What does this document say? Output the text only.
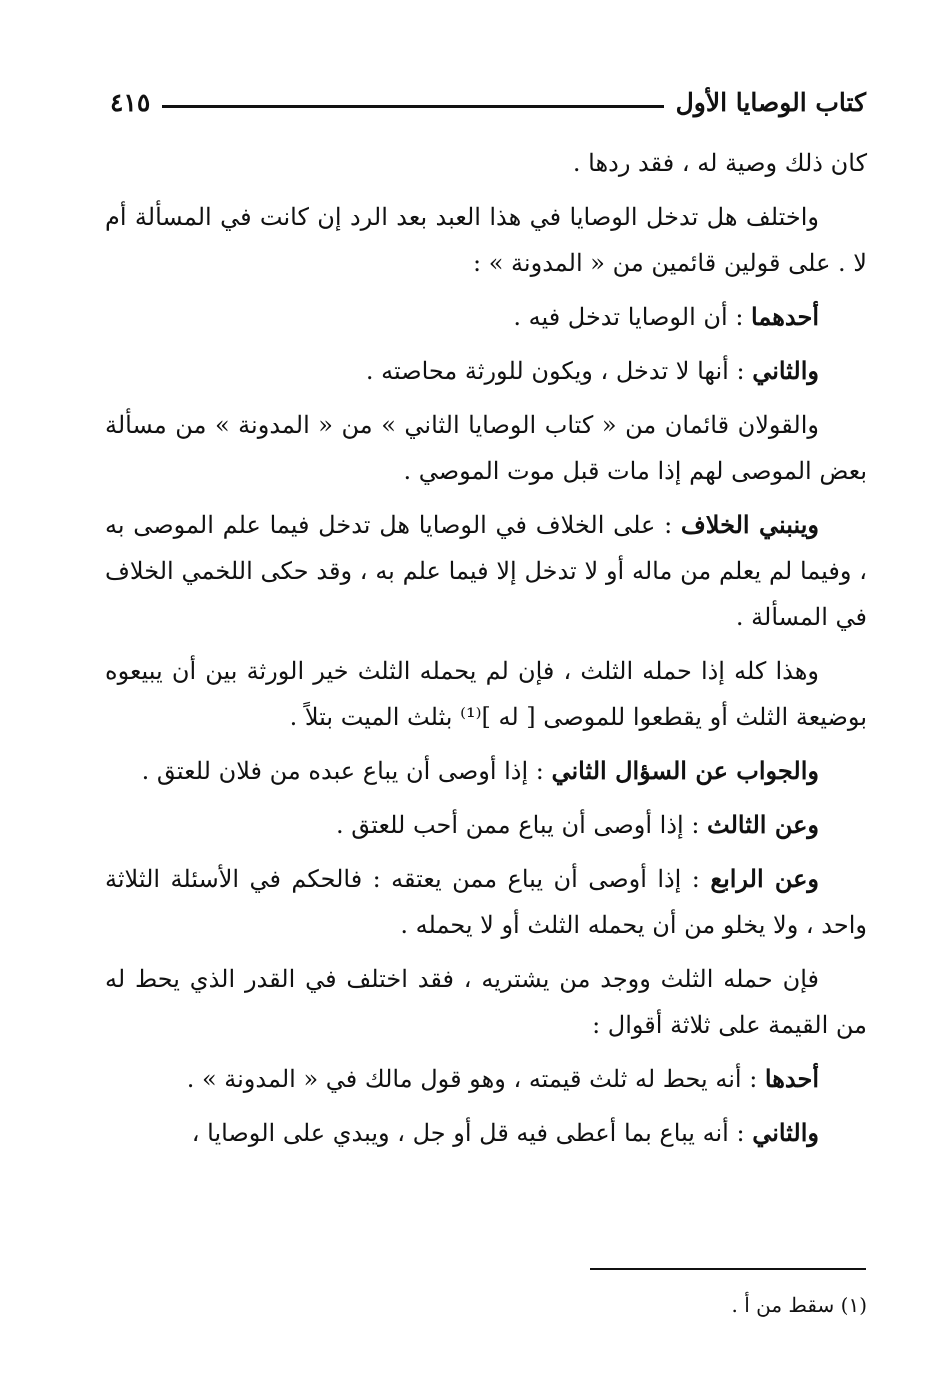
كتاب الوصايا الأول
٤١٥

كان ذلك وصية له ، فقد ردها .

واختلف هل تدخل الوصايا في هذا العبد بعد الرد إن كانت في المسألة أم لا . على قولين قائمين من « المدونة » :

أحدهما : أن الوصايا تدخل فيه .

والثاني : أنها لا تدخل ، ويكون للورثة محاصته .

والقولان قائمان من « كتاب الوصايا الثاني » من « المدونة » من مسألة بعض الموصى لهم إذا مات قبل موت الموصي .

وينبني الخلاف : على الخلاف في الوصايا هل تدخل فيما علم الموصى به ، وفيما لم يعلم من ماله أو لا تدخل إلا فيما علم به ، وقد حكى اللخمي الخلاف في المسألة .

وهذا كله إذا حمله الثلث ، فإن لم يحمله الثلث خير الورثة بين أن يبيعوه بوضيعة الثلث أو يقطعوا للموصى [ له ]⁽¹⁾ بثلث الميت بتلاً .

والجواب عن السؤال الثاني : إذا أوصى أن يباع عبده من فلان للعتق .

وعن الثالث : إذا أوصى أن يباع ممن أحب للعتق .

وعن الرابع : إذا أوصى أن يباع ممن يعتقه : فالحكم في الأسئلة الثلاثة واحد ، ولا يخلو من أن يحمله الثلث أو لا يحمله .

فإن حمله الثلث ووجد من يشتريه ، فقد اختلف في القدر الذي يحط له من القيمة على ثلاثة أقوال :

أحدها : أنه يحط له ثلث قيمته ، وهو قول مالك في « المدونة » .

والثاني : أنه يباع بما أعطى فيه قل أو جل ، ويبدي على الوصايا ،

(١) سقط من أ .
